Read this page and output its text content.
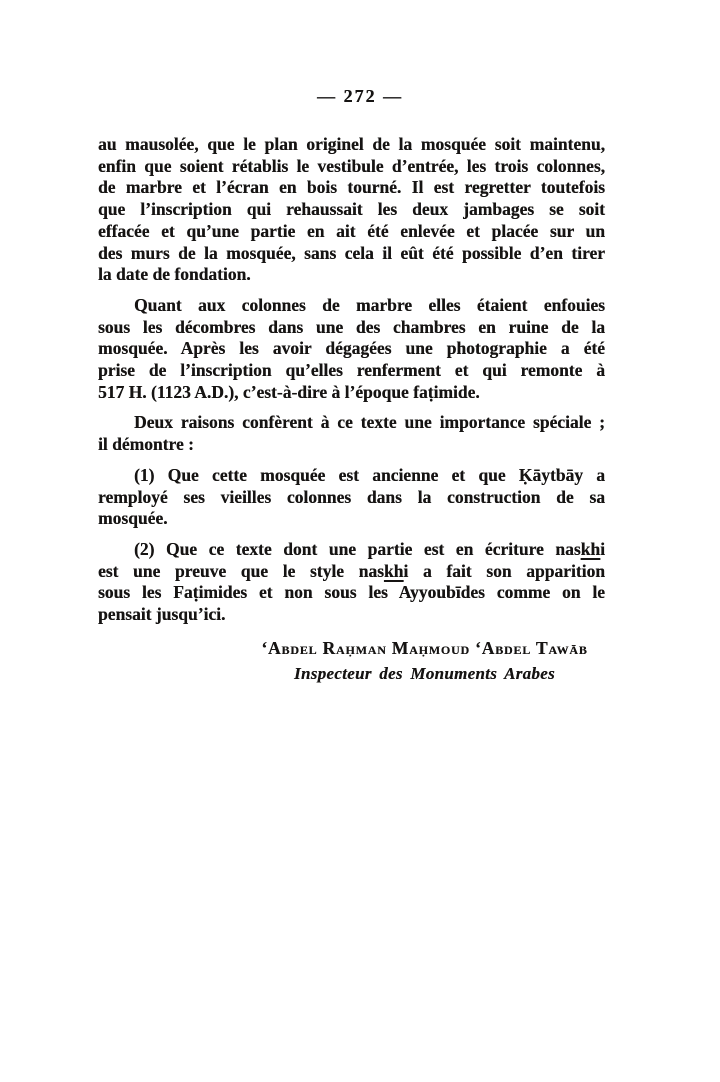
— 272 —
au mausolée, que le plan originel de la mosquée soit maintenu,
enfin que soient rétablis le vestibule d’entrée, les trois colonnes,
de marbre et l’écran en bois tourné. Il est regretter toutefois
que l’inscription qui rehaussait les deux jambages se soit
effacée et qu’une partie en ait été enlevée et placée sur un
des murs de la mosquée, sans cela il eût été possible d’en tirer
la date de fondation.
Quant aux colonnes de marbre elles étaient enfouies
sous les décombres dans une des chambres en ruine de la
mosquée. Après les avoir dégagées une photographie a été
prise de l’inscription qu’elles renferment et qui remonte à
517 H. (1123 A.D.), c’est-à-dire à l’époque faṭimide.
Deux raisons confèrent à ce texte une importance spéciale ;
il démontre :
(1) Que cette mosquée est ancienne et que Ḳāytbāy a
remployé ses vieilles colonnes dans la construction de sa
mosquée.
(2) Que ce texte dont une partie est en écriture naskhi
est une preuve que le style naskhi a fait son apparition
sous les Faṭimides et non sous les Ayyoubīdes comme on le
pensait jusqu’ici.
‘Abdel Raḥman Maḥmoud ‘Abdel Tawāb
Inspecteur des Monuments Arabes
